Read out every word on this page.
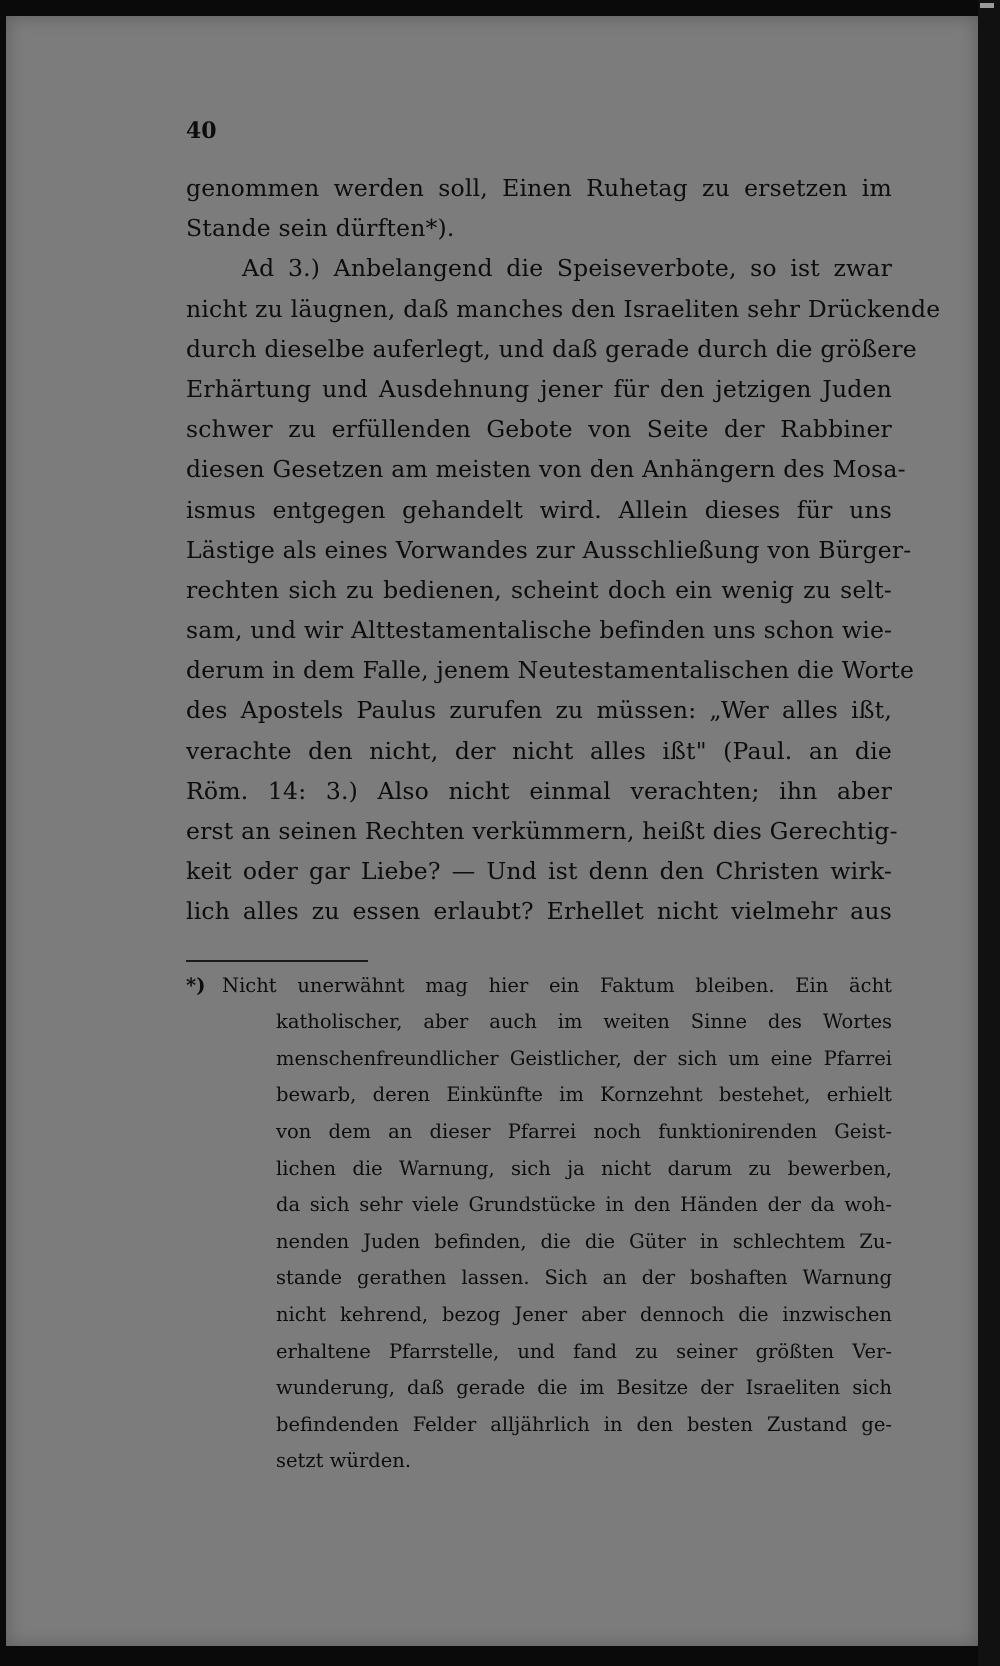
40
genommen werden soll, Einen Ruhetag zu ersetzen im
Stande sein dürften*).
Ad 3.) Anbelangend die Speiseverbote, so ist zwar
nicht zu läugnen, daß manches den Israeliten sehr Drückende
durch dieselbe auferlegt, und daß gerade durch die größere
Erhärtung und Ausdehnung jener für den jetzigen Juden
schwer zu erfüllenden Gebote von Seite der Rabbiner
diesen Gesetzen am meisten von den Anhängern des Mosa-
ismus entgegen gehandelt wird. Allein dieses für uns
Lästige als eines Vorwandes zur Ausschließung von Bürger-
rechten sich zu bedienen, scheint doch ein wenig zu selt-
sam, und wir Alttestamentalische befinden uns schon wie-
derum in dem Falle, jenem Neutestamentalischen die Worte
des Apostels Paulus zurufen zu müssen: „Wer alles ißt,
verachte den nicht, der nicht alles ißt" (Paul. an die
Röm. 14: 3.) Also nicht einmal verachten; ihn aber
erst an seinen Rechten verkümmern, heißt dies Gerechtig-
keit oder gar Liebe? — Und ist denn den Christen wirk-
lich alles zu essen erlaubt? Erhellet nicht vielmehr aus
*) Nicht unerwähnt mag hier ein Faktum bleiben. Ein ächt
katholischer, aber auch im weiten Sinne des Wortes
menschenfreundlicher Geistlicher, der sich um eine Pfarrei
bewarb, deren Einkünfte im Kornzehnt bestehet, erhielt
von dem an dieser Pfarrei noch funktionirenden Geist-
lichen die Warnung, sich ja nicht darum zu bewerben,
da sich sehr viele Grundstücke in den Händen der da woh-
nenden Juden befinden, die die Güter in schlechtem Zu-
stande gerathen lassen. Sich an der boshaften Warnung
nicht kehrend, bezog Jener aber dennoch die inzwischen
erhaltene Pfarrstelle, und fand zu seiner größten Ver-
wunderung, daß gerade die im Besitze der Israeliten sich
befindenden Felder alljährlich in den besten Zustand ge-
setzt würden.
